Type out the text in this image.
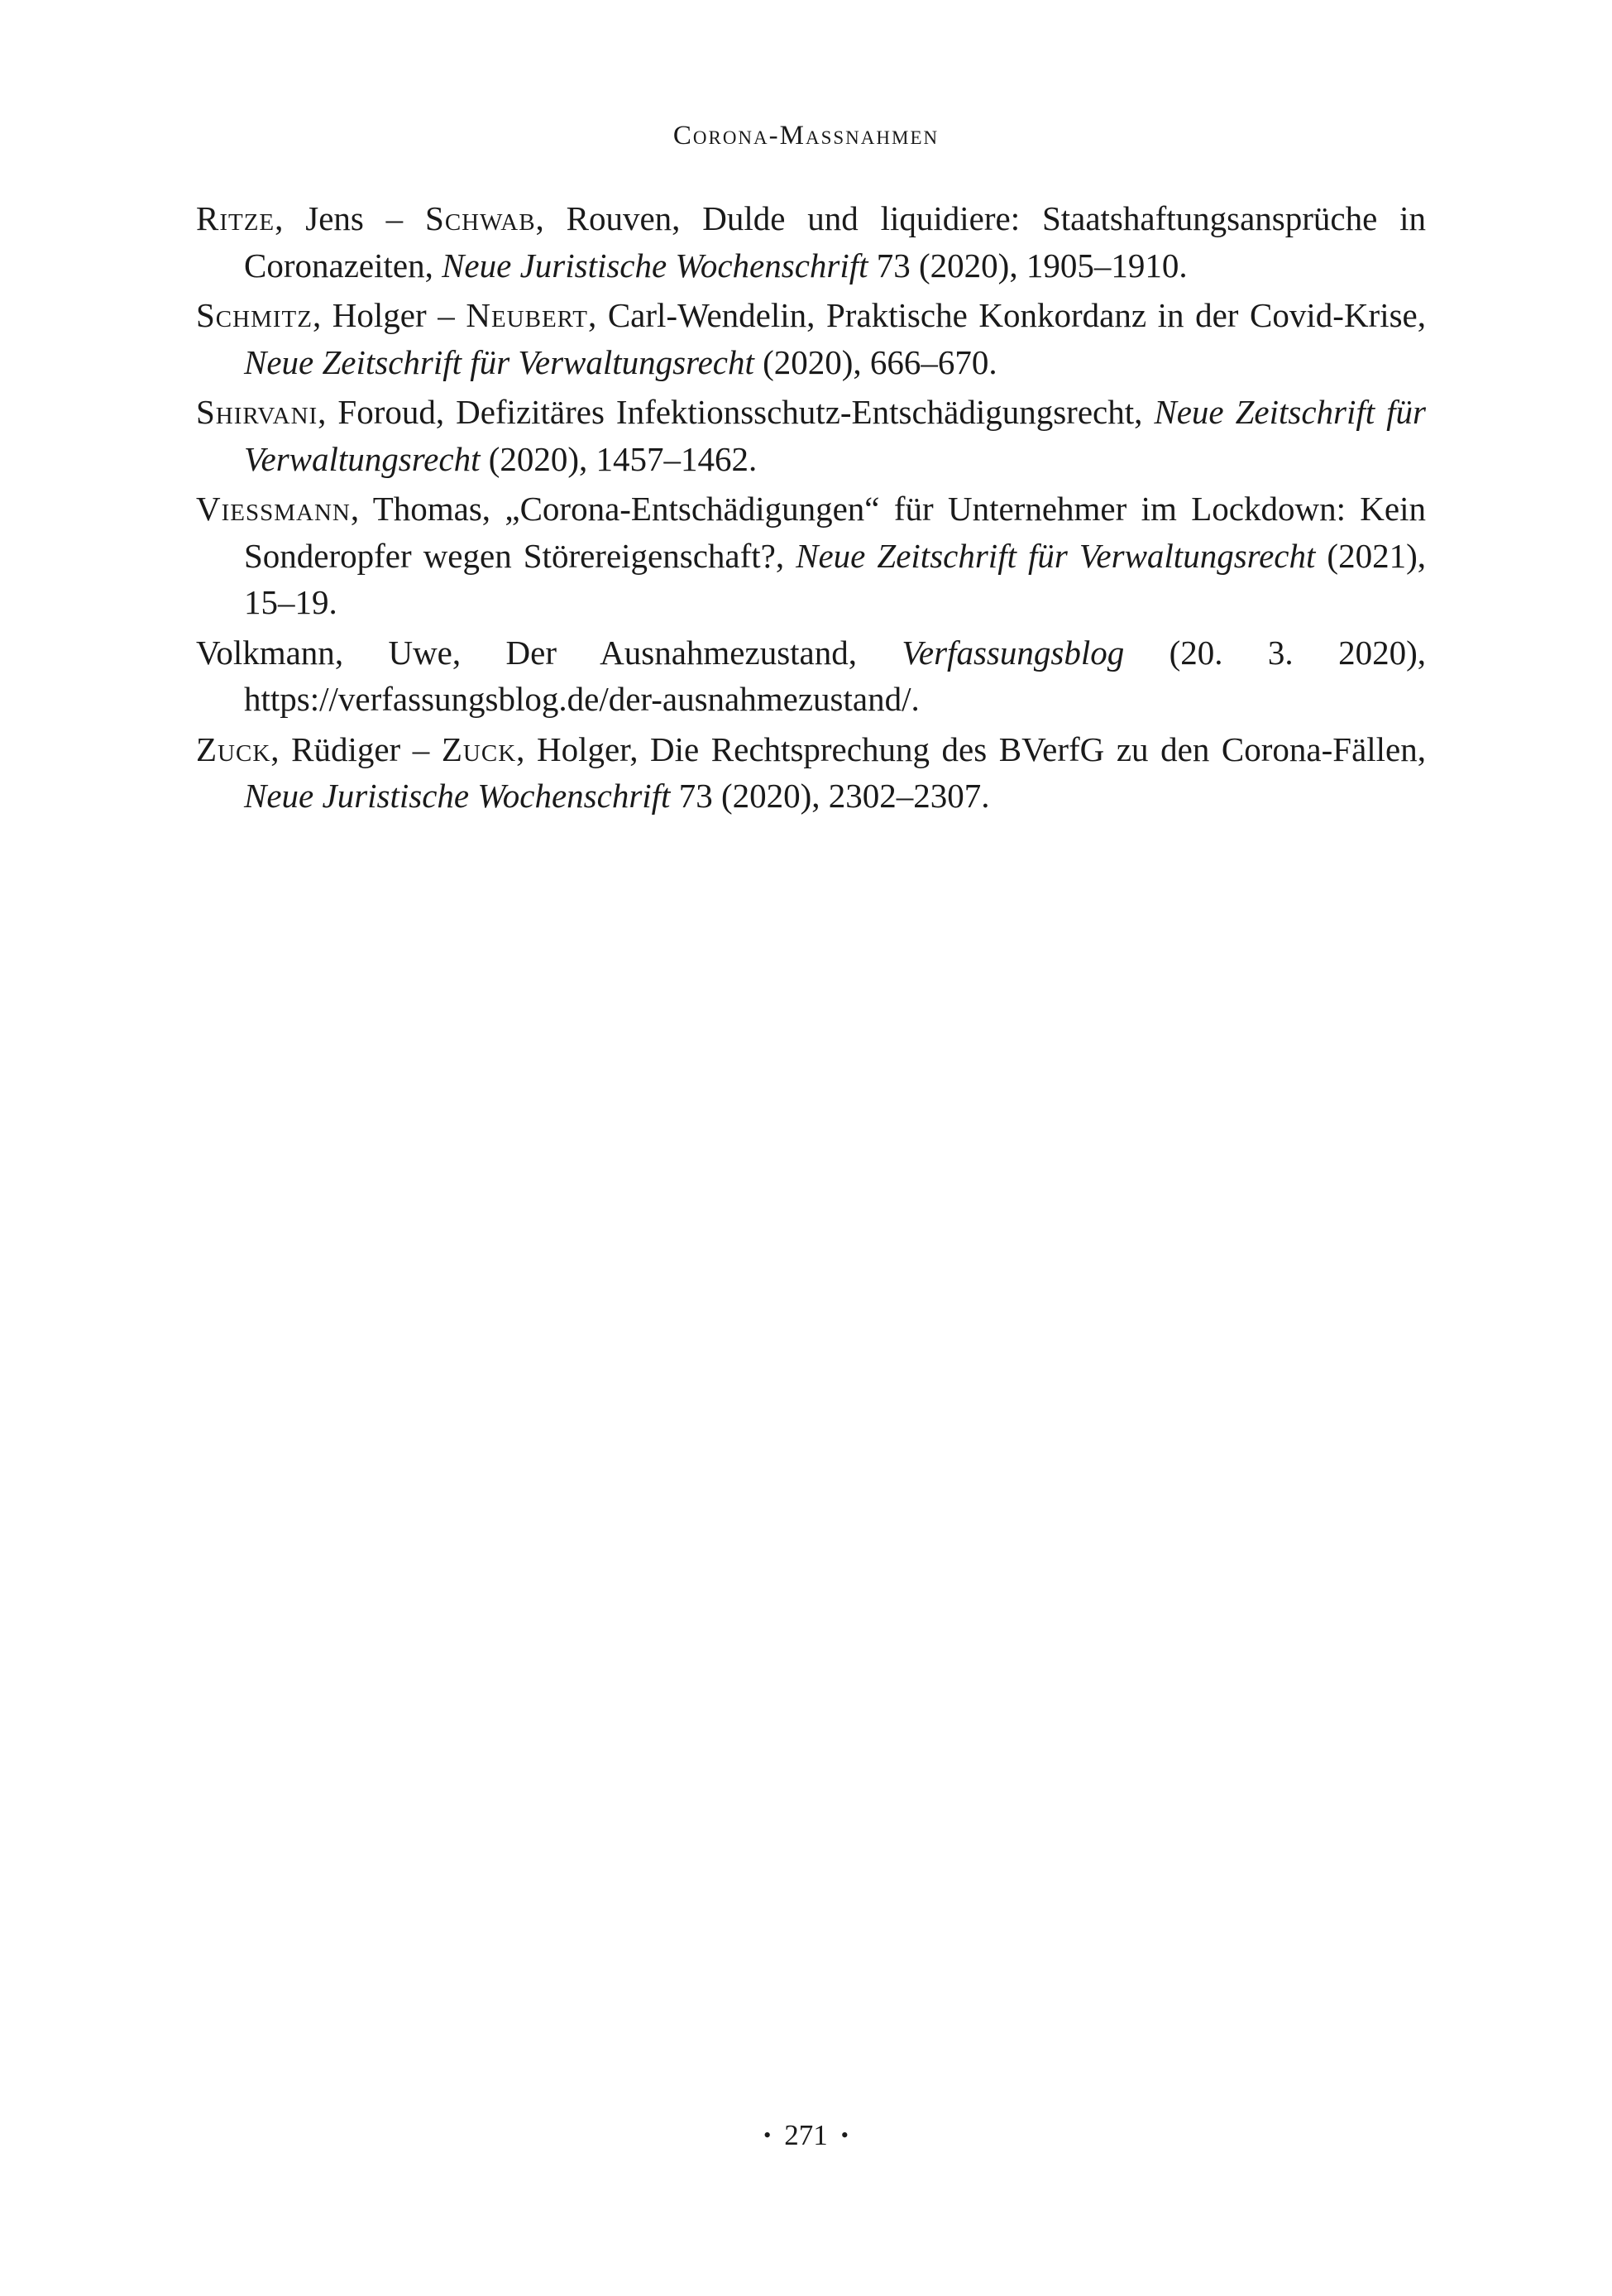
Corona-Massnahmen
Ritze, Jens – Schwab, Rouven, Dulde und liquidiere: Staatshaftungsansprüche in Coronazeiten, Neue Juristische Wochenschrift 73 (2020), 1905–1910.
Schmitz, Holger – Neubert, Carl-Wendelin, Praktische Konkordanz in der Covid-Krise, Neue Zeitschrift für Verwaltungsrecht (2020), 666–670.
Shirvani, Foroud, Defizitäres Infektionsschutz-Entschädigungsrecht, Neue Zeitschrift für Verwaltungsrecht (2020), 1457–1462.
Viessmann, Thomas, „Corona-Entschädigungen“ für Unternehmer im Lockdown: Kein Sonderopfer wegen Störereigenschaft?, Neue Zeitschrift für Verwaltungsrecht (2021), 15–19.
Volkmann, Uwe, Der Ausnahmezustand, Verfassungsblog (20. 3. 2020), https://verfassungsblog.de/der-ausnahmezustand/.
Zuck, Rüdiger – Zuck, Holger, Die Rechtsprechung des BVerfG zu den Corona-Fällen, Neue Juristische Wochenschrift 73 (2020), 2302–2307.
• 271 •
